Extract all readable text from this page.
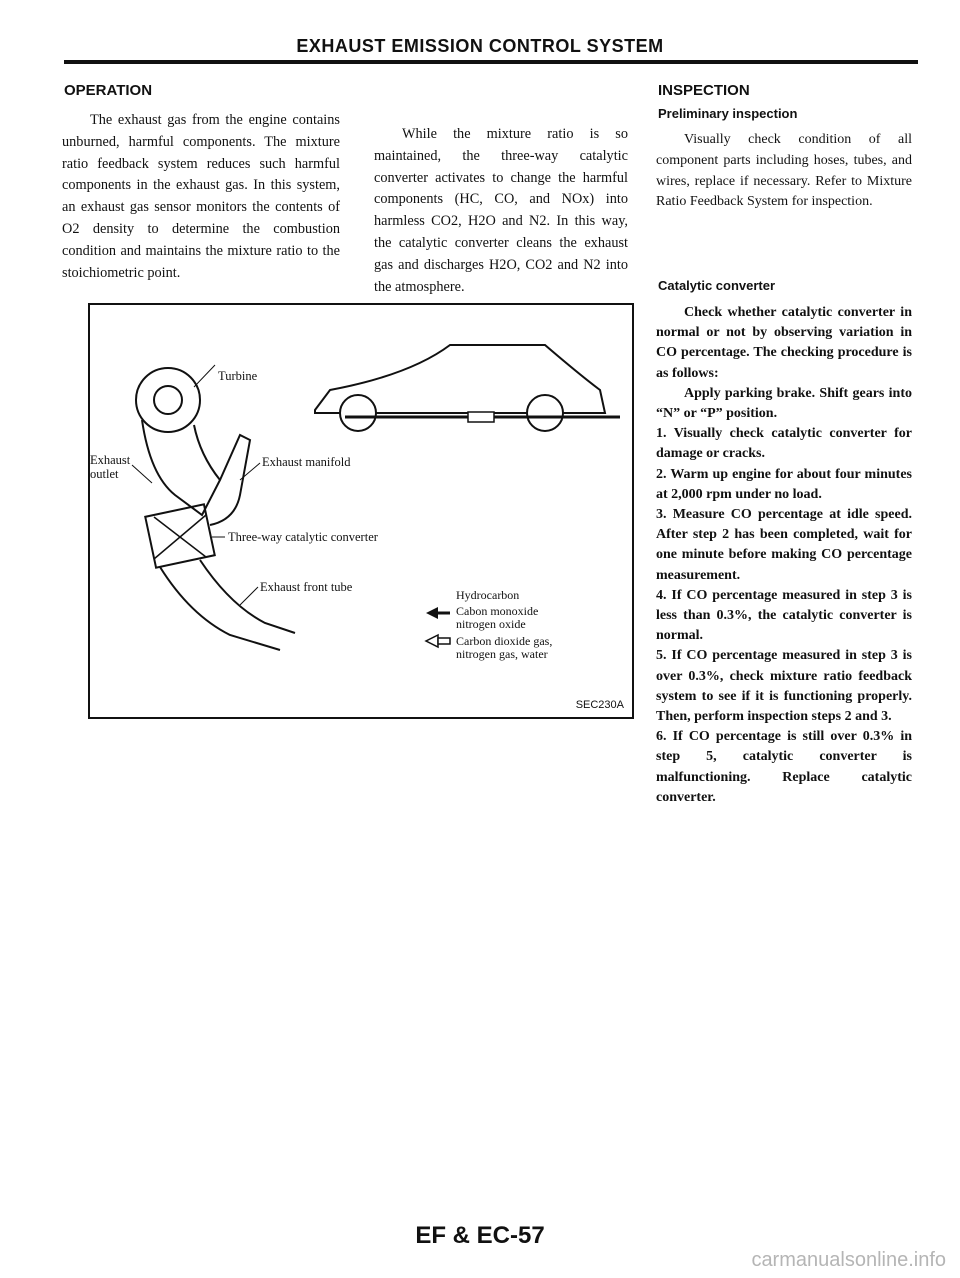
EXHAUST EMISSION CONTROL SYSTEM
OPERATION

The exhaust gas from the engine contains unburned, harmful components. The mixture ratio feedback system reduces such harmful components in the exhaust gas. In this system, an exhaust gas sensor monitors the contents of O2 density to determine the combustion condition and maintains the mixture ratio to the stoichiometric point.

While the mixture ratio is so maintained, the three-way catalytic converter activates to change the harmful components (HC, CO, and NOx) into harmless CO2, H2O and N2. In this way, the catalytic converter cleans the exhaust gas and discharges H2O, CO2 and N2 into the atmosphere.

Turbine
Exhaust outlet
Exhaust manifold
Three-way catalytic converter
Exhaust front tube
Hydrocarbon
Cabon monoxide
nitrogen oxide
Carbon dioxide gas,
nitrogen gas, water
SEC230A
INSPECTION
Preliminary inspection

Visually check condition of all component parts including hoses, tubes, and wires, replace if necessary. Refer to Mixture Ratio Feedback System for inspection.

Catalytic converter

Check whether catalytic converter in normal or not by observing variation in CO percentage. The checking procedure is as follows:

Apply parking brake. Shift gears into “N” or “P” position.

1. Visually check catalytic converter for damage or cracks.

2. Warm up engine for about four minutes at 2,000 rpm under no load.

3. Measure CO percentage at idle speed. After step 2 has been completed, wait for one minute before making CO percentage measurement.

4. If CO percentage measured in step 3 is less than 0.3%, the catalytic converter is normal.

5. If CO percentage measured in step 3 is over 0.3%, check mixture ratio feedback system to see if it is functioning properly. Then, perform inspection steps 2 and 3.

6. If CO percentage is still over 0.3% in step 5, catalytic converter is malfunctioning. Replace catalytic converter.

EF & EC-57
carmanualsonline.info
